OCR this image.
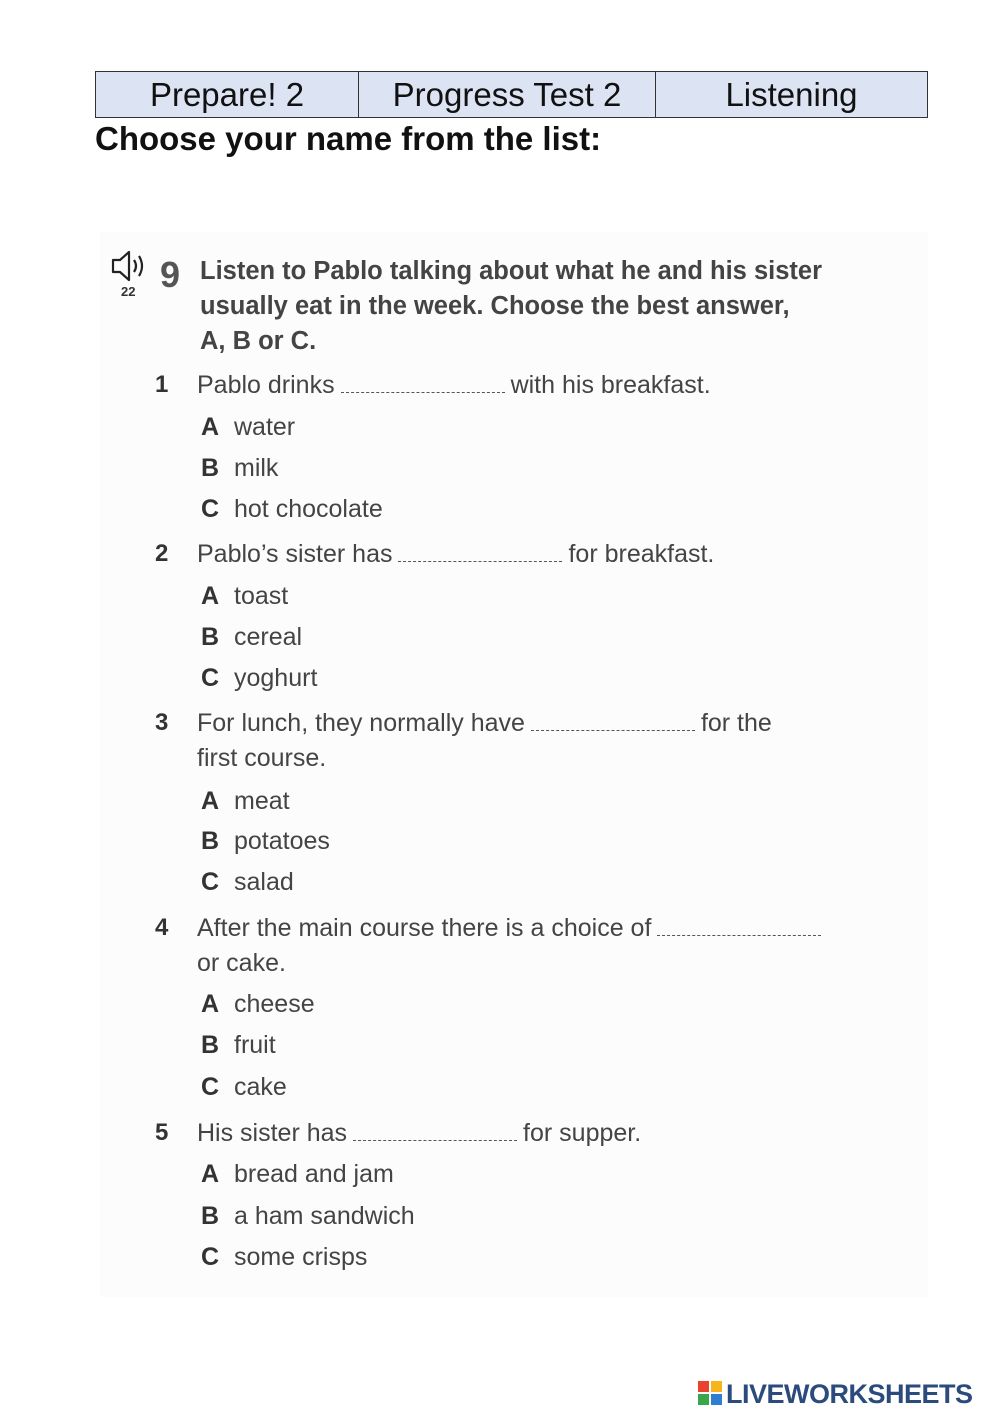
Prepare! 2	Progress Test 2	Listening
Choose your name from the list:
22 9 Listen to Pablo talking about what he and his sister
usually eat in the week. Choose the best answer,
A, B or C.
1 Pablo drinks	with his breakfast.
A water
B milk
C hot chocolate
2 Pablo’s sister has	for breakfast.
A toast
B cereal
C yoghurt
3 For lunch, they normally have	for the
first course.
A meat
B potatoes
C salad
4 After the main course there is a choice of
or cake.
A cheese
B fruit
C cake
5 His sister has	for supper.
A bread and jam
B a ham sandwich
C some crisps
LIVEWORKSHEETS
